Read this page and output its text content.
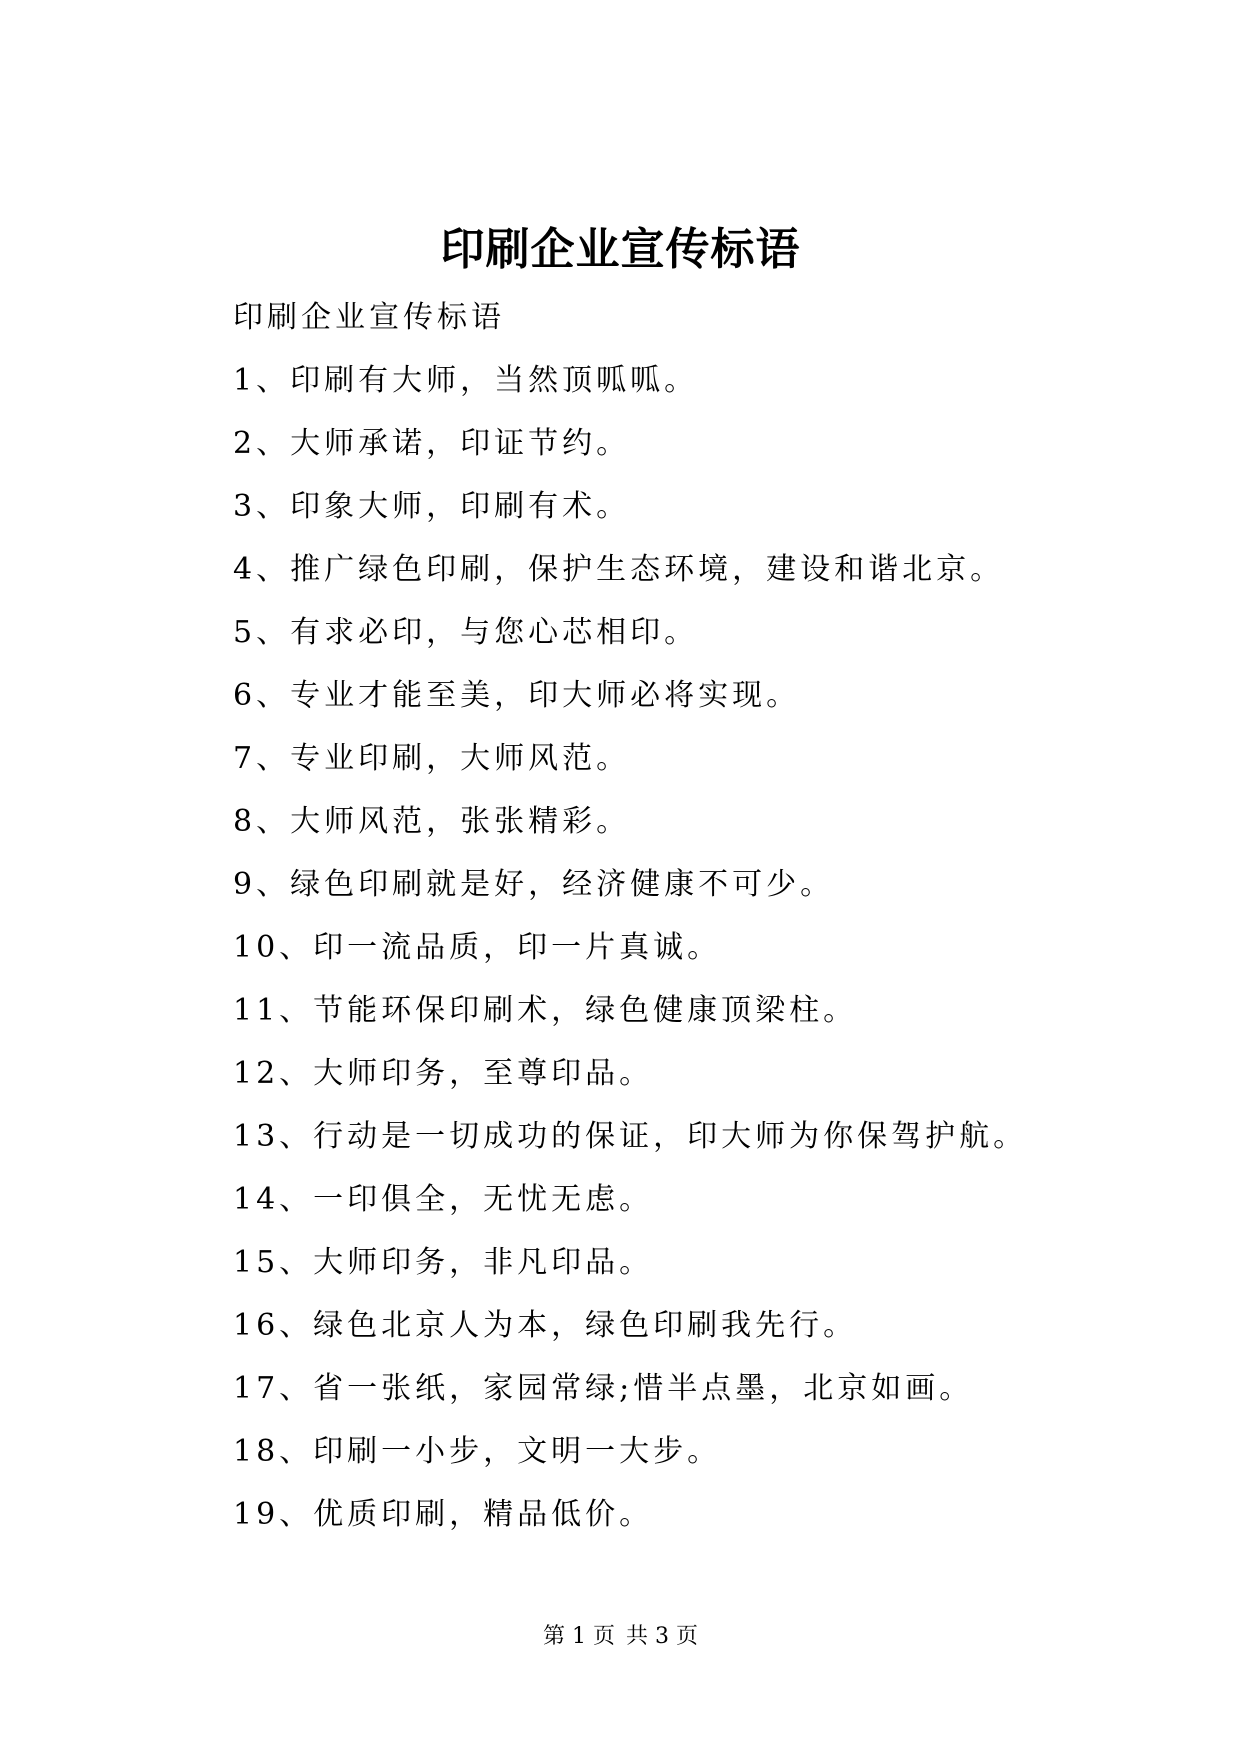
印刷企业宣传标语

印刷企业宣传标语

1、印刷有大师，当然顶呱呱。
2、大师承诺，印证节约。
3、印象大师，印刷有术。
4、推广绿色印刷，保护生态环境，建设和谐北京。
5、有求必印，与您心芯相印。
6、专业才能至美，印大师必将实现。
7、专业印刷，大师风范。
8、大师风范，张张精彩。
9、绿色印刷就是好，经济健康不可少。
10、印一流品质，印一片真诚。
11、节能环保印刷术，绿色健康顶梁柱。
12、大师印务，至尊印品。
13、行动是一切成功的保证，印大师为你保驾护航。
14、一印俱全，无忧无虑。
15、大师印务，非凡印品。
16、绿色北京人为本，绿色印刷我先行。
17、省一张纸，家园常绿;惜半点墨，北京如画。
18、印刷一小步，文明一大步。
19、优质印刷，精品低价。
第 1 页 共 3 页
